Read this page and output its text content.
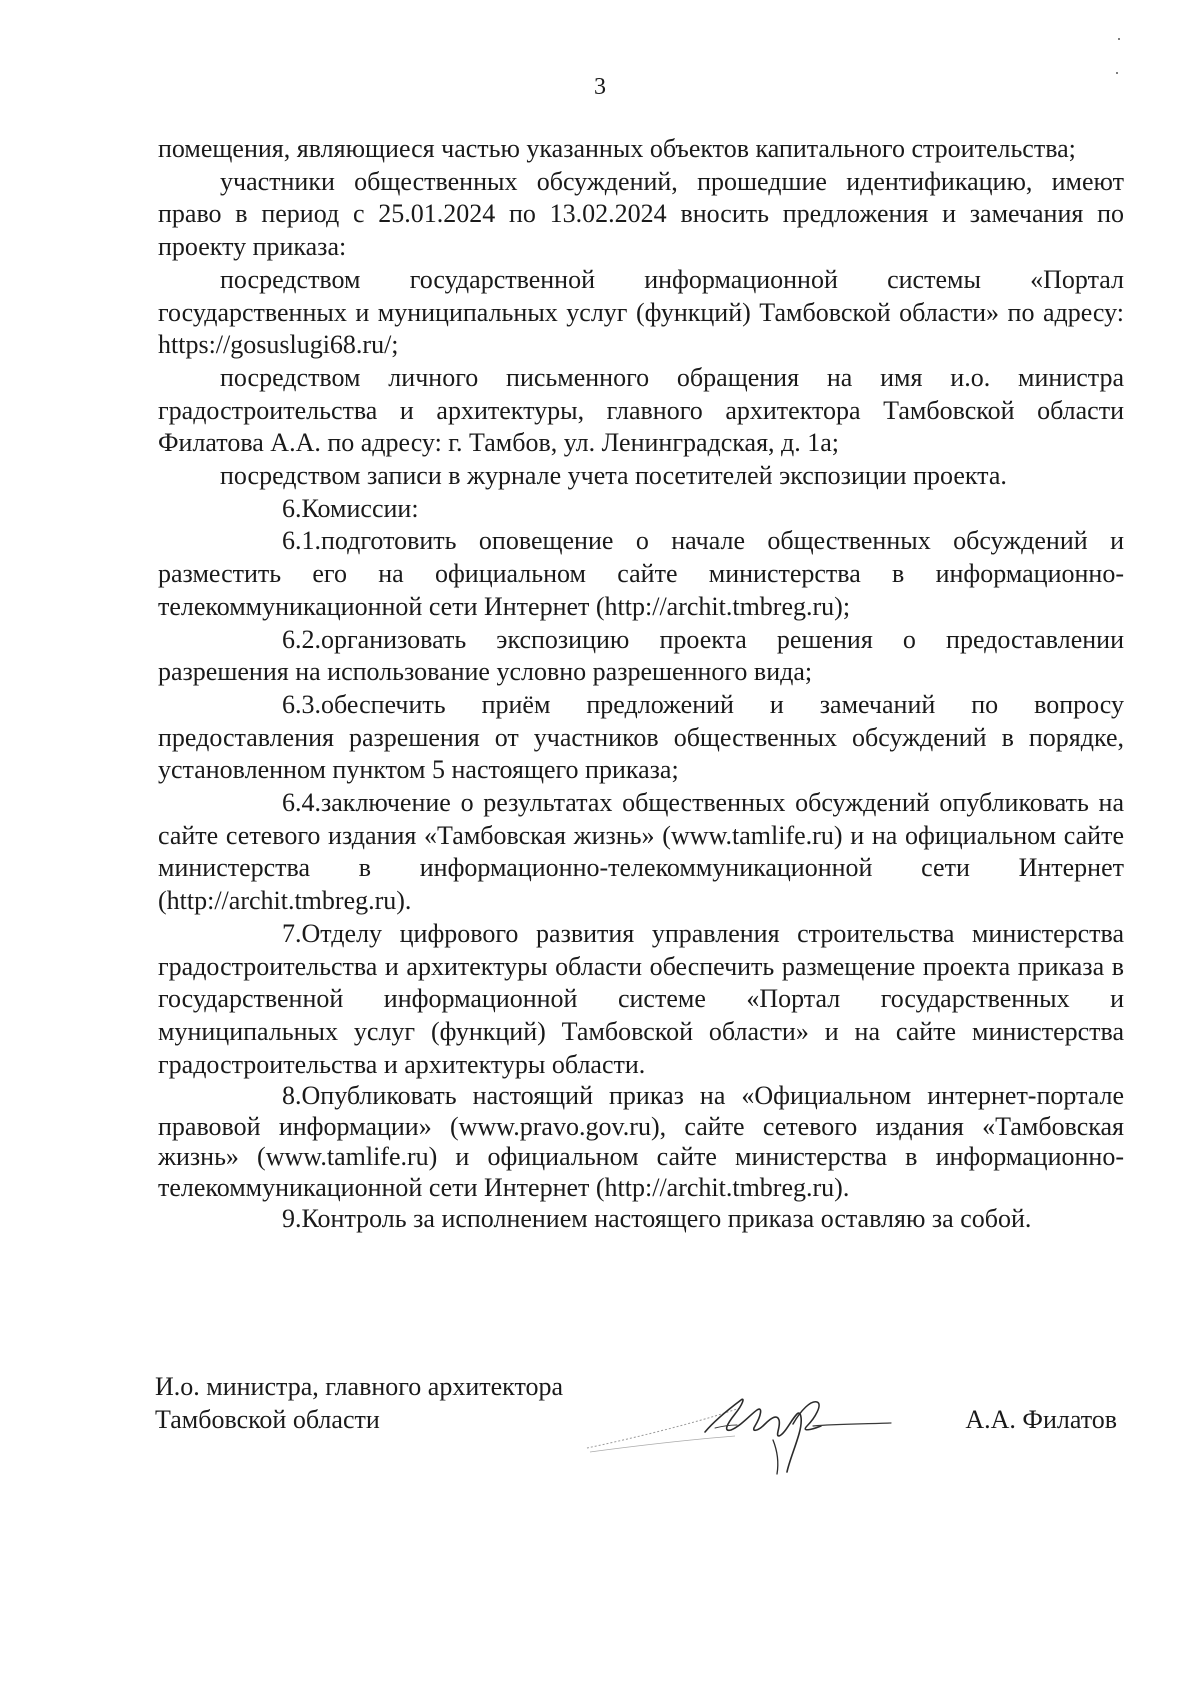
3

помещения, являющиеся частью указанных объектов капитального строительства;

участники общественных обсуждений, прошедшие идентификацию, имеют право в период с 25.01.2024 по 13.02.2024 вносить предложения и замечания по проекту приказа:

посредством государственной информационной системы «Портал государственных и муниципальных услуг (функций) Тамбовской области» по адресу: https://gosuslugi68.ru/;

посредством личного письменного обращения на имя и.о. министра градостроительства и архитектуры, главного архитектора Тамбовской области Филатова А.А. по адресу: г. Тамбов, ул. Ленинградская, д. 1а;

посредством записи в журнале учета посетителей экспозиции проекта.

6.Комиссии:

6.1.подготовить оповещение о начале общественных обсуждений и разместить его на официальном сайте министерства в информационно-телекоммуникационной сети Интернет (http://archit.tmbreg.ru);

6.2.организовать экспозицию проекта решения о предоставлении разрешения на использование условно разрешенного вида;

6.3.обеспечить приём предложений и замечаний по вопросу предоставления разрешения от участников общественных обсуждений в порядке, установленном пунктом 5 настоящего приказа;

6.4.заключение о результатах общественных обсуждений опубликовать на сайте сетевого издания «Тамбовская жизнь» (www.tamlife.ru) и на официальном сайте министерства в информационно-телекоммуникационной сети Интернет (http://archit.tmbreg.ru).

7.Отделу цифрового развития управления строительства министерства градостроительства и архитектуры области обеспечить размещение проекта приказа в государственной информационной системе «Портал государственных и муниципальных услуг (функций) Тамбовской области» и на сайте министерства градостроительства и архитектуры области.

8.Опубликовать настоящий приказ на «Официальном интернет-портале правовой информации» (www.pravo.gov.ru), сайте сетевого издания «Тамбовская жизнь» (www.tamlife.ru) и официальном сайте министерства в информационно-телекоммуникационной сети Интернет (http://archit.tmbreg.ru).

9.Контроль за исполнением настоящего приказа оставляю за собой.

И.о. министра, главного архитектора
Тамбовской области	А.А. Филатов
